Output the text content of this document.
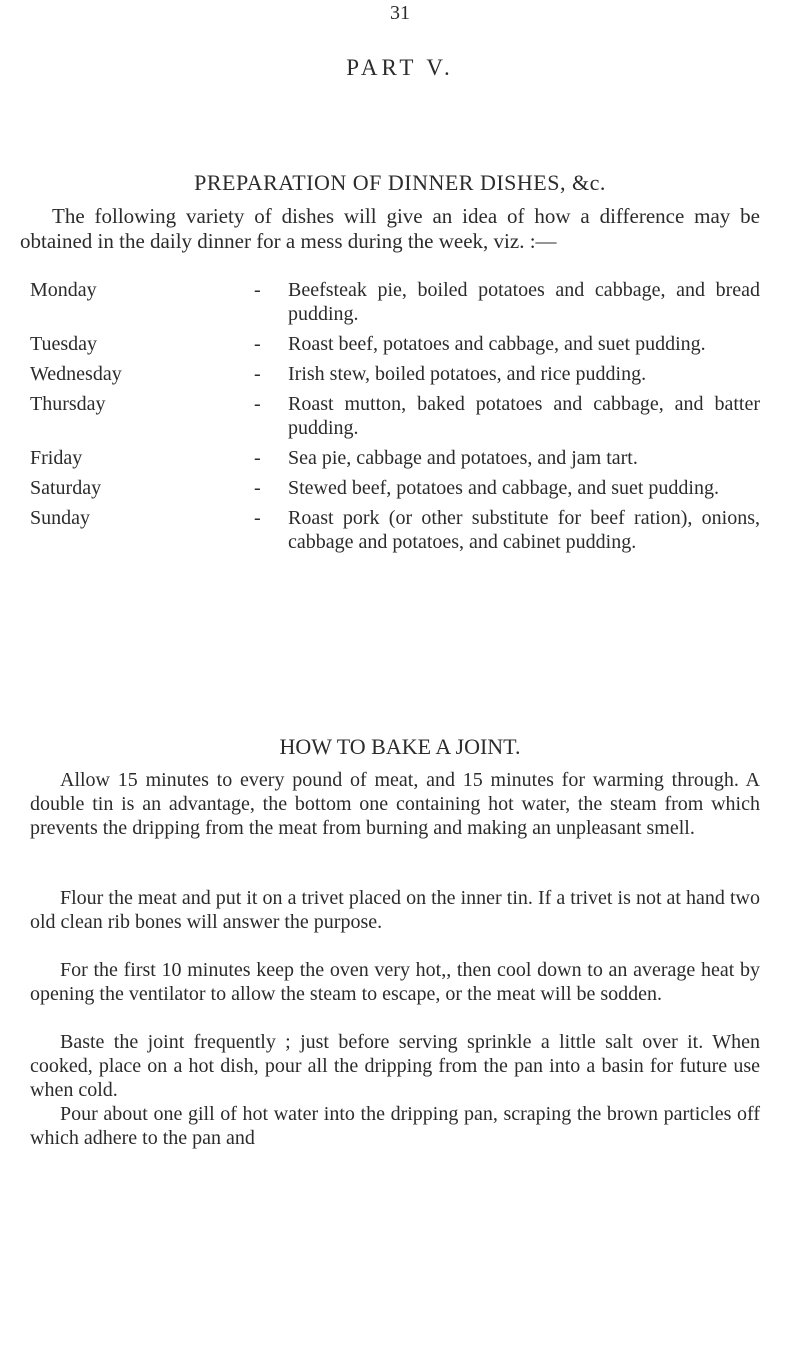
31
PART V.
PREPARATION OF DINNER DISHES, &c.

The following variety of dishes will give an idea of how a difference may be obtained in the daily dinner for a mess during the week, viz. :—

Monday	-	Beefsteak pie, boiled potatoes and cabbage, and bread pudding.
Tuesday	-	Roast beef, potatoes and cabbage, and suet pudding.
Wednesday	-	Irish stew, boiled potatoes, and rice pudding.
Thursday	-	Roast mutton, baked potatoes and cabbage, and batter pudding.
Friday	-	Sea pie, cabbage and potatoes, and jam tart.
Saturday	-	Stewed beef, potatoes and cabbage, and suet pudding.
Sunday	-	Roast pork (or other substitute for beef ration), onions, cabbage and potatoes, and cabinet pudding.
HOW TO BAKE A JOINT.

Allow 15 minutes to every pound of meat, and 15 minutes for warming through. A double tin is an advantage, the bottom one containing hot water, the steam from which prevents the dripping from the meat from burning and making an unpleasant smell.

Flour the meat and put it on a trivet placed on the inner tin. If a trivet is not at hand two old clean rib bones will answer the purpose.

For the first 10 minutes keep the oven very hot,, then cool down to an average heat by opening the ventilator to allow the steam to escape, or the meat will be sodden.

Baste the joint frequently ; just before serving sprinkle a little salt over it. When cooked, place on a hot dish, pour all the dripping from the pan into a basin for future use when cold.

Pour about one gill of hot water into the dripping pan, scraping the brown particles off which adhere to the pan and
